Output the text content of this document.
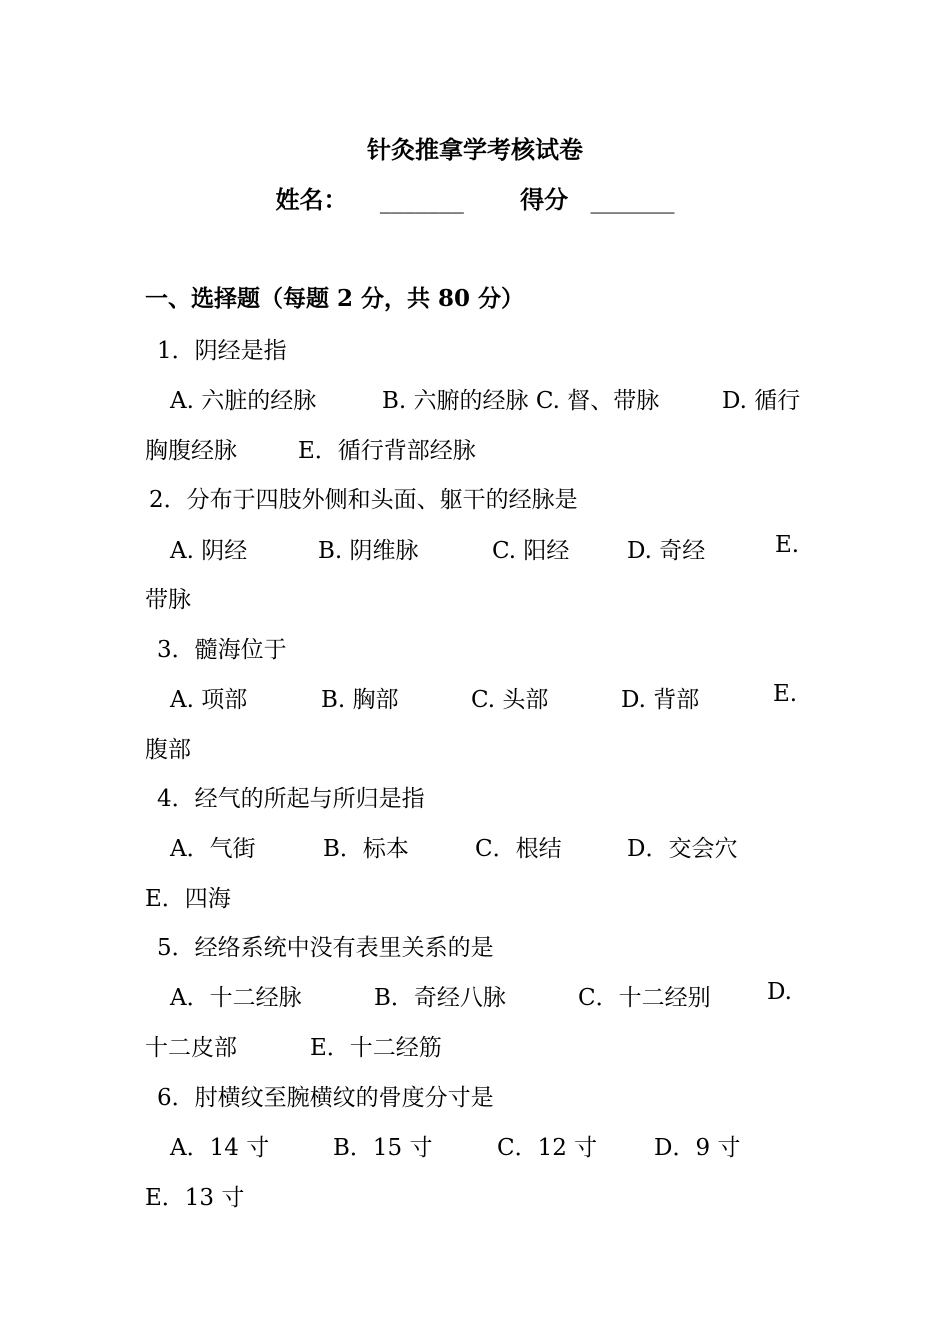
针灸推拿学考核试卷
姓名： _______ 得分 _______
一、选择题（每题 2 分，共 80 分）
1．阴经是指
A. 六脏的经脉	B. 六腑的经脉 C. 督、带脉	D. 循行
胸腹经脉	E．循行背部经脉
2．分布于四肢外侧和头面、躯干的经脉是
A. 阴经	B. 阴维脉	C. 阳经	D. 奇经	E.
带脉
3．髓海位于
A. 项部	B. 胸部	C. 头部	D. 背部	E.
腹部
4．经气的所起与所归是指
A．气街	B．标本	C．根结	D．交会穴
E．四海
5．经络系统中没有表里关系的是
A．十二经脉	B．奇经八脉	C．十二经别 D.
十二皮部	E．十二经筋
6．肘横纹至腕横纹的骨度分寸是
A．14 寸	B．15 寸	C．12 寸 D．9 寸
E．13 寸
